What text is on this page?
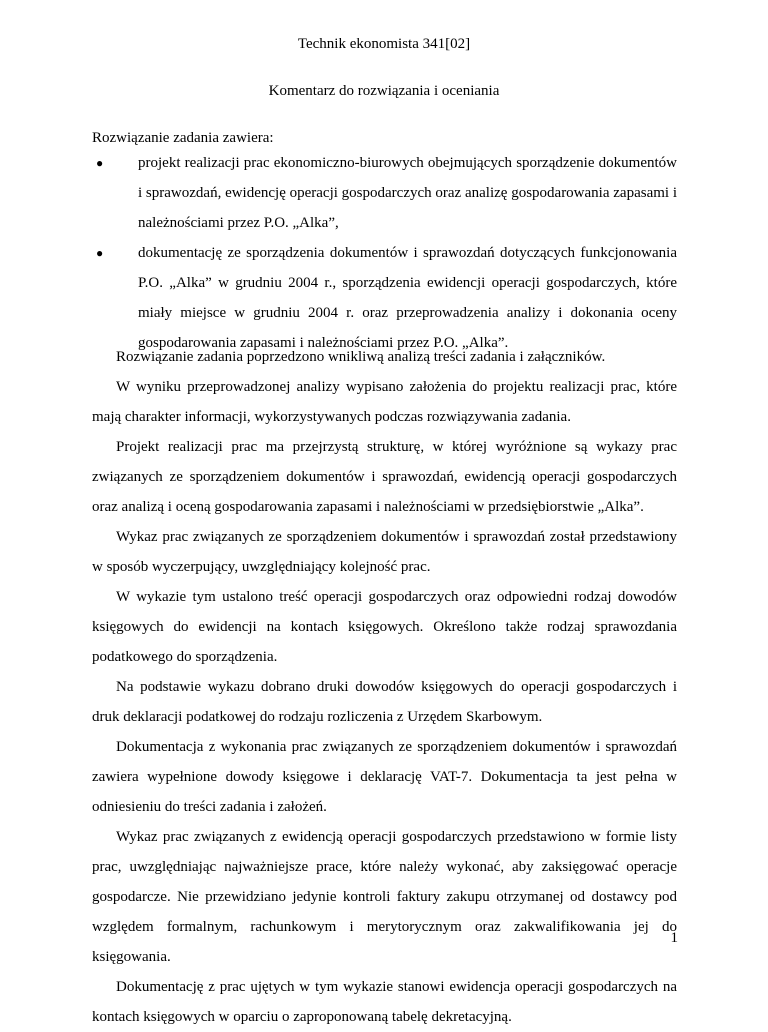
Technik ekonomista 341[02]
Komentarz do rozwiązania i oceniania
Rozwiązanie zadania zawiera:
● projekt realizacji prac ekonomiczno-biurowych obejmujących sporządzenie dokumentów i sprawozdań, ewidencję operacji gospodarczych oraz analizę gospodarowania zapasami i należnościami przez P.O. „Alka”,
● dokumentację ze sporządzenia dokumentów i sprawozdań dotyczących funkcjonowania P.O. „Alka” w grudniu 2004 r., sporządzenia ewidencji operacji gospodarczych, które miały miejsce w grudniu 2004 r. oraz przeprowadzenia analizy i dokonania oceny gospodarowania zapasami i należnościami przez P.O. „Alka”.

Rozwiązanie zadania poprzedzono wnikliwą analizą treści zadania i załączników.

W wyniku przeprowadzonej analizy wypisano założenia do projektu realizacji prac, które mają charakter informacji, wykorzystywanych podczas rozwiązywania zadania.

Projekt realizacji prac ma przejrzystą strukturę, w której wyróżnione są wykazy prac związanych ze sporządzeniem dokumentów i sprawozdań, ewidencją operacji gospodarczych oraz analizą i oceną gospodarowania zapasami i należnościami w przedsiębiorstwie „Alka”.

Wykaz prac związanych ze sporządzeniem dokumentów i sprawozdań został przedstawiony w sposób wyczerpujący, uwzględniający kolejność prac.

W wykazie tym ustalono treść operacji gospodarczych oraz odpowiedni rodzaj dowodów księgowych do ewidencji na kontach księgowych. Określono także rodzaj sprawozdania podatkowego do sporządzenia.

Na podstawie wykazu dobrano druki dowodów księgowych do operacji gospodarczych i druk deklaracji podatkowej do rodzaju rozliczenia z Urzędem Skarbowym.

Dokumentacja z wykonania prac związanych ze sporządzeniem dokumentów i sprawozdań zawiera wypełnione dowody księgowe i deklarację VAT-7. Dokumentacja ta jest pełna w odniesieniu do treści zadania i założeń.

Wykaz prac związanych z ewidencją operacji gospodarczych przedstawiono w formie listy prac, uwzględniając najważniejsze prace, które należy wykonać, aby zaksięgować operacje gospodarcze. Nie przewidziano jedynie kontroli faktury zakupu otrzymanej od dostawcy pod względem formalnym, rachunkowym i merytorycznym oraz zakwalifikowania jej do księgowania.

Dokumentację z prac ujętych w tym wykazie stanowi ewidencja operacji gospodarczych na kontach księgowych w oparciu o zaproponowaną tabelę dekretacyjną.

1
